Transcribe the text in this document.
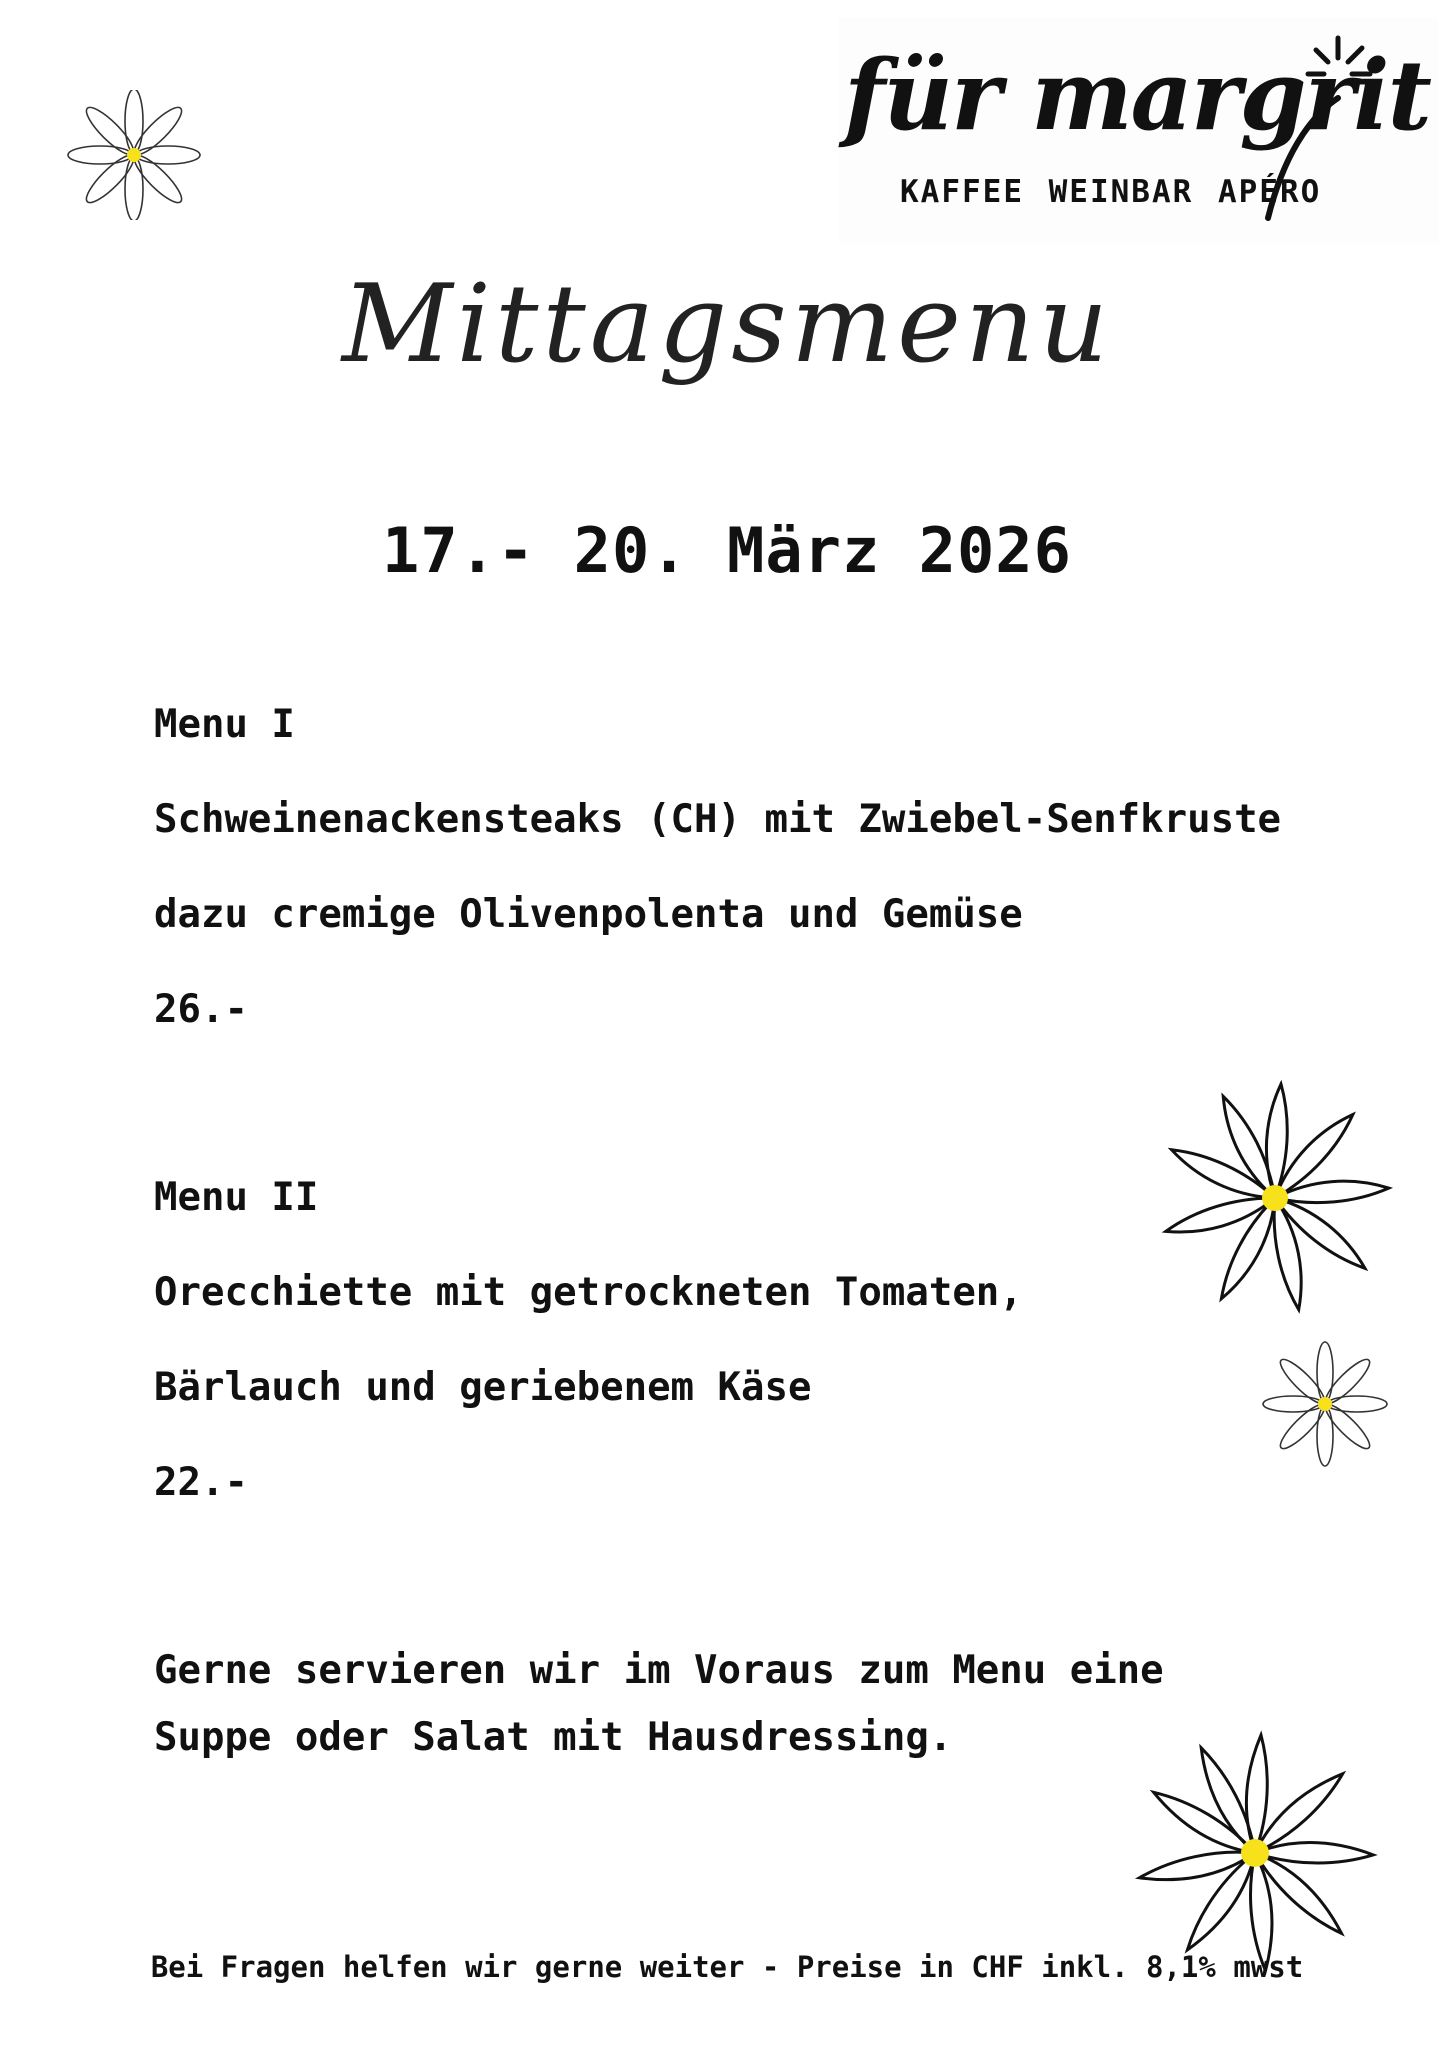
für margrit
KAFFEE WEINBAR APÉRO
Mittagsmenu
17.- 20. März 2026
Menu I
Schweinenackensteaks (CH) mit Zwiebel-Senfkruste
dazu cremige Olivenpolenta und Gemüse
26.-
Menu II
Orecchiette mit getrockneten Tomaten,
Bärlauch und geriebenem Käse
22.-
Gerne servieren wir im Voraus zum Menu eine
Suppe oder Salat mit Hausdressing.
Bei Fragen helfen wir gerne weiter - Preise in CHF inkl. 8,1% mwst
